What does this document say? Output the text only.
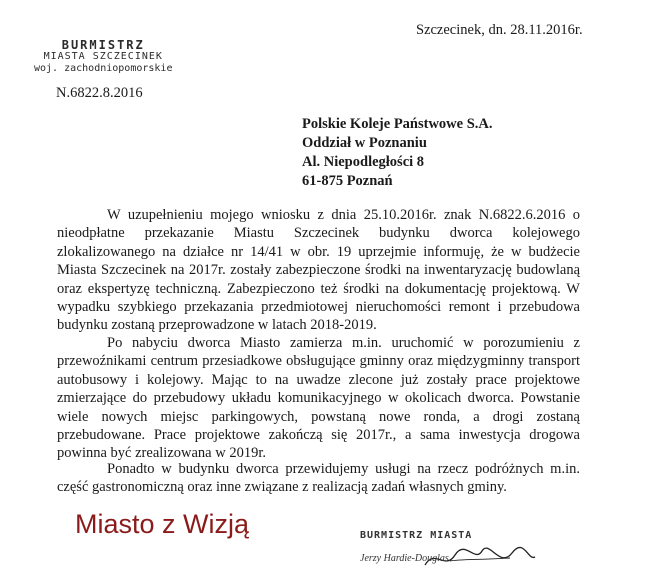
Szczecinek, dn. 28.11.2016r.
BURMISTRZ
MIASTA SZCZECINEK
woj. zachodniopomorskie
N.6822.8.2016
Polskie Koleje Państwowe S.A.
Oddział w Poznaniu
Al. Niepodległości 8
61-875 Poznań

W uzupełnieniu mojego wniosku z dnia 25.10.2016r. znak N.6822.6.2016 o nieodpłatne przekazanie Miastu Szczecinek budynku dworca kolejowego zlokalizowanego na działce nr 14/41 w obr. 19 uprzejmie informuję, że w budżecie Miasta Szczecinek na 2017r. zostały zabezpieczone środki na inwentaryzację budowlaną oraz ekspertyzę techniczną. Zabezpieczono też środki na dokumentację projektową. W wypadku szybkiego przekazania przedmiotowej nieruchomości remont i przebudowa budynku zostaną przeprowadzone w latach 2018-2019.

Po nabyciu dworca Miasto zamierza m.in. uruchomić w porozumieniu z przewoźnikami centrum przesiadkowe obsługujące gminny oraz międzygminny transport autobusowy i kolejowy. Mając to na uwadze zlecone już zostały prace projektowe zmierzające do przebudowy układu komunikacyjnego w okolicach dworca. Powstanie wiele nowych miejsc parkingowych, powstaną nowe ronda, a drogi zostaną przebudowane. Prace projektowe zakończą się 2017r., a sama inwestycja drogowa powinna być zrealizowana w 2019r.

Ponadto w budynku dworca przewidujemy usługi na rzecz podróżnych m.in. część gastronomiczną oraz inne związane z realizacją zadań własnych gminy.

Miasto z Wizją	BURMISTRZ MIASTA
Jerzy Hardie-Douglas
